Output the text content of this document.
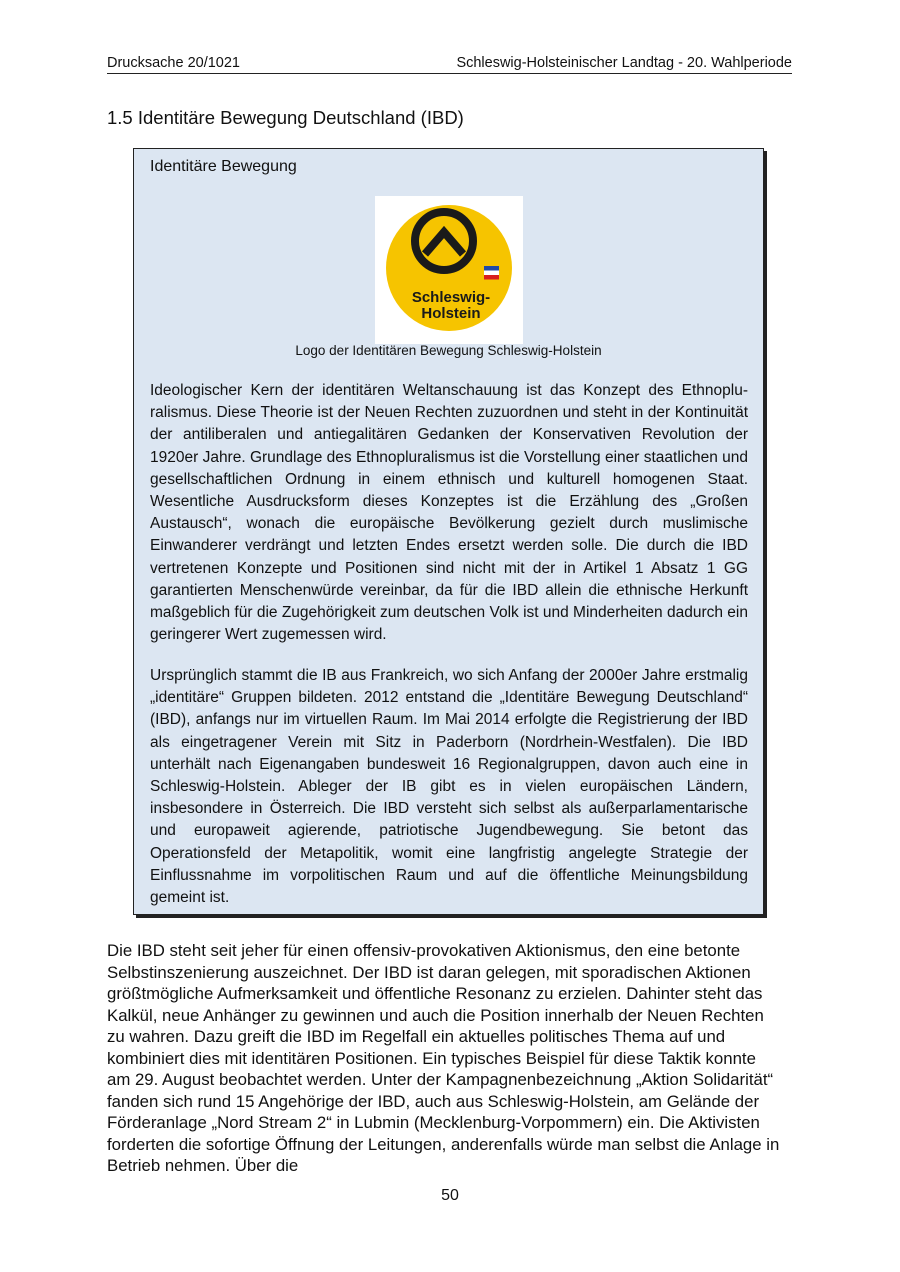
Drucksache 20/1021	Schleswig-Holsteinischer Landtag - 20. Wahlperiode
1.5 Identitäre Bewegung Deutschland (IBD)
Identitäre Bewegung
Schleswig-
Holstein
Logo der Identitären Bewegung Schleswig-Holstein

Ideologischer Kern der identitären Weltanschauung ist das Konzept des Ethnopluralismus. Diese Theorie ist der Neuen Rechten zuzuordnen und steht in der Kontinuität der antiliberalen und antiegalitären Gedanken der Konservativen Revolution der 1920er Jahre. Grundlage des Ethnopluralismus ist die Vorstellung einer staatlichen und gesellschaftlichen Ordnung in einem ethnisch und kulturell homogenen Staat. Wesentliche Ausdrucksform dieses Konzeptes ist die Erzählung des „Großen Austausch“, wonach die europäische Bevölkerung gezielt durch muslimische Einwanderer verdrängt und letzten Endes ersetzt werden solle. Die durch die IBD vertretenen Konzepte und Positionen sind nicht mit der in Artikel 1 Absatz 1 GG garantierten Menschenwürde vereinbar, da für die IBD allein die ethnische Herkunft maßgeblich für die Zugehörigkeit zum deutschen Volk ist und Minderheiten dadurch ein geringerer Wert zugemessen wird.

Ursprünglich stammt die IB aus Frankreich, wo sich Anfang der 2000er Jahre erstmalig „identitäre“ Gruppen bildeten. 2012 entstand die „Identitäre Bewegung Deutschland“ (IBD), anfangs nur im virtuellen Raum. Im Mai 2014 erfolgte die Registrierung der IBD als eingetragener Verein mit Sitz in Paderborn (Nordrhein-Westfalen). Die IBD unterhält nach Eigenangaben bundesweit 16 Regionalgruppen, davon auch eine in Schleswig-Holstein. Ableger der IB gibt es in vielen europäischen Ländern, insbesondere in Österreich. Die IBD versteht sich selbst als außerparlamentarische und europaweit agierende, patriotische Jugendbewegung. Sie betont das Operationsfeld der Metapolitik, womit eine langfristig angelegte Strategie der Einflussnahme im vorpolitischen Raum und auf die öffentliche Meinungsbildung gemeint ist.

Die IBD steht seit jeher für einen offensiv-provokativen Aktionismus, den eine betonte Selbstinszenierung auszeichnet. Der IBD ist daran gelegen, mit sporadischen Aktionen größtmögliche Aufmerksamkeit und öffentliche Resonanz zu erzielen. Dahinter steht das Kalkül, neue Anhänger zu gewinnen und auch die Position innerhalb der Neuen Rechten zu wahren. Dazu greift die IBD im Regelfall ein aktuelles politisches Thema auf und kombiniert dies mit identitären Positionen. Ein typisches Beispiel für diese Taktik konnte am 29. August beobachtet werden. Unter der Kampagnenbezeichnung „Aktion Solidarität“ fanden sich rund 15 Angehörige der IBD, auch aus Schleswig-Holstein, am Gelände der Förderanlage „Nord Stream 2“ in Lubmin (Mecklenburg-Vorpommern) ein. Die Aktivisten forderten die sofortige Öffnung der Leitungen, anderenfalls würde man selbst die Anlage in Betrieb nehmen. Über die

50
